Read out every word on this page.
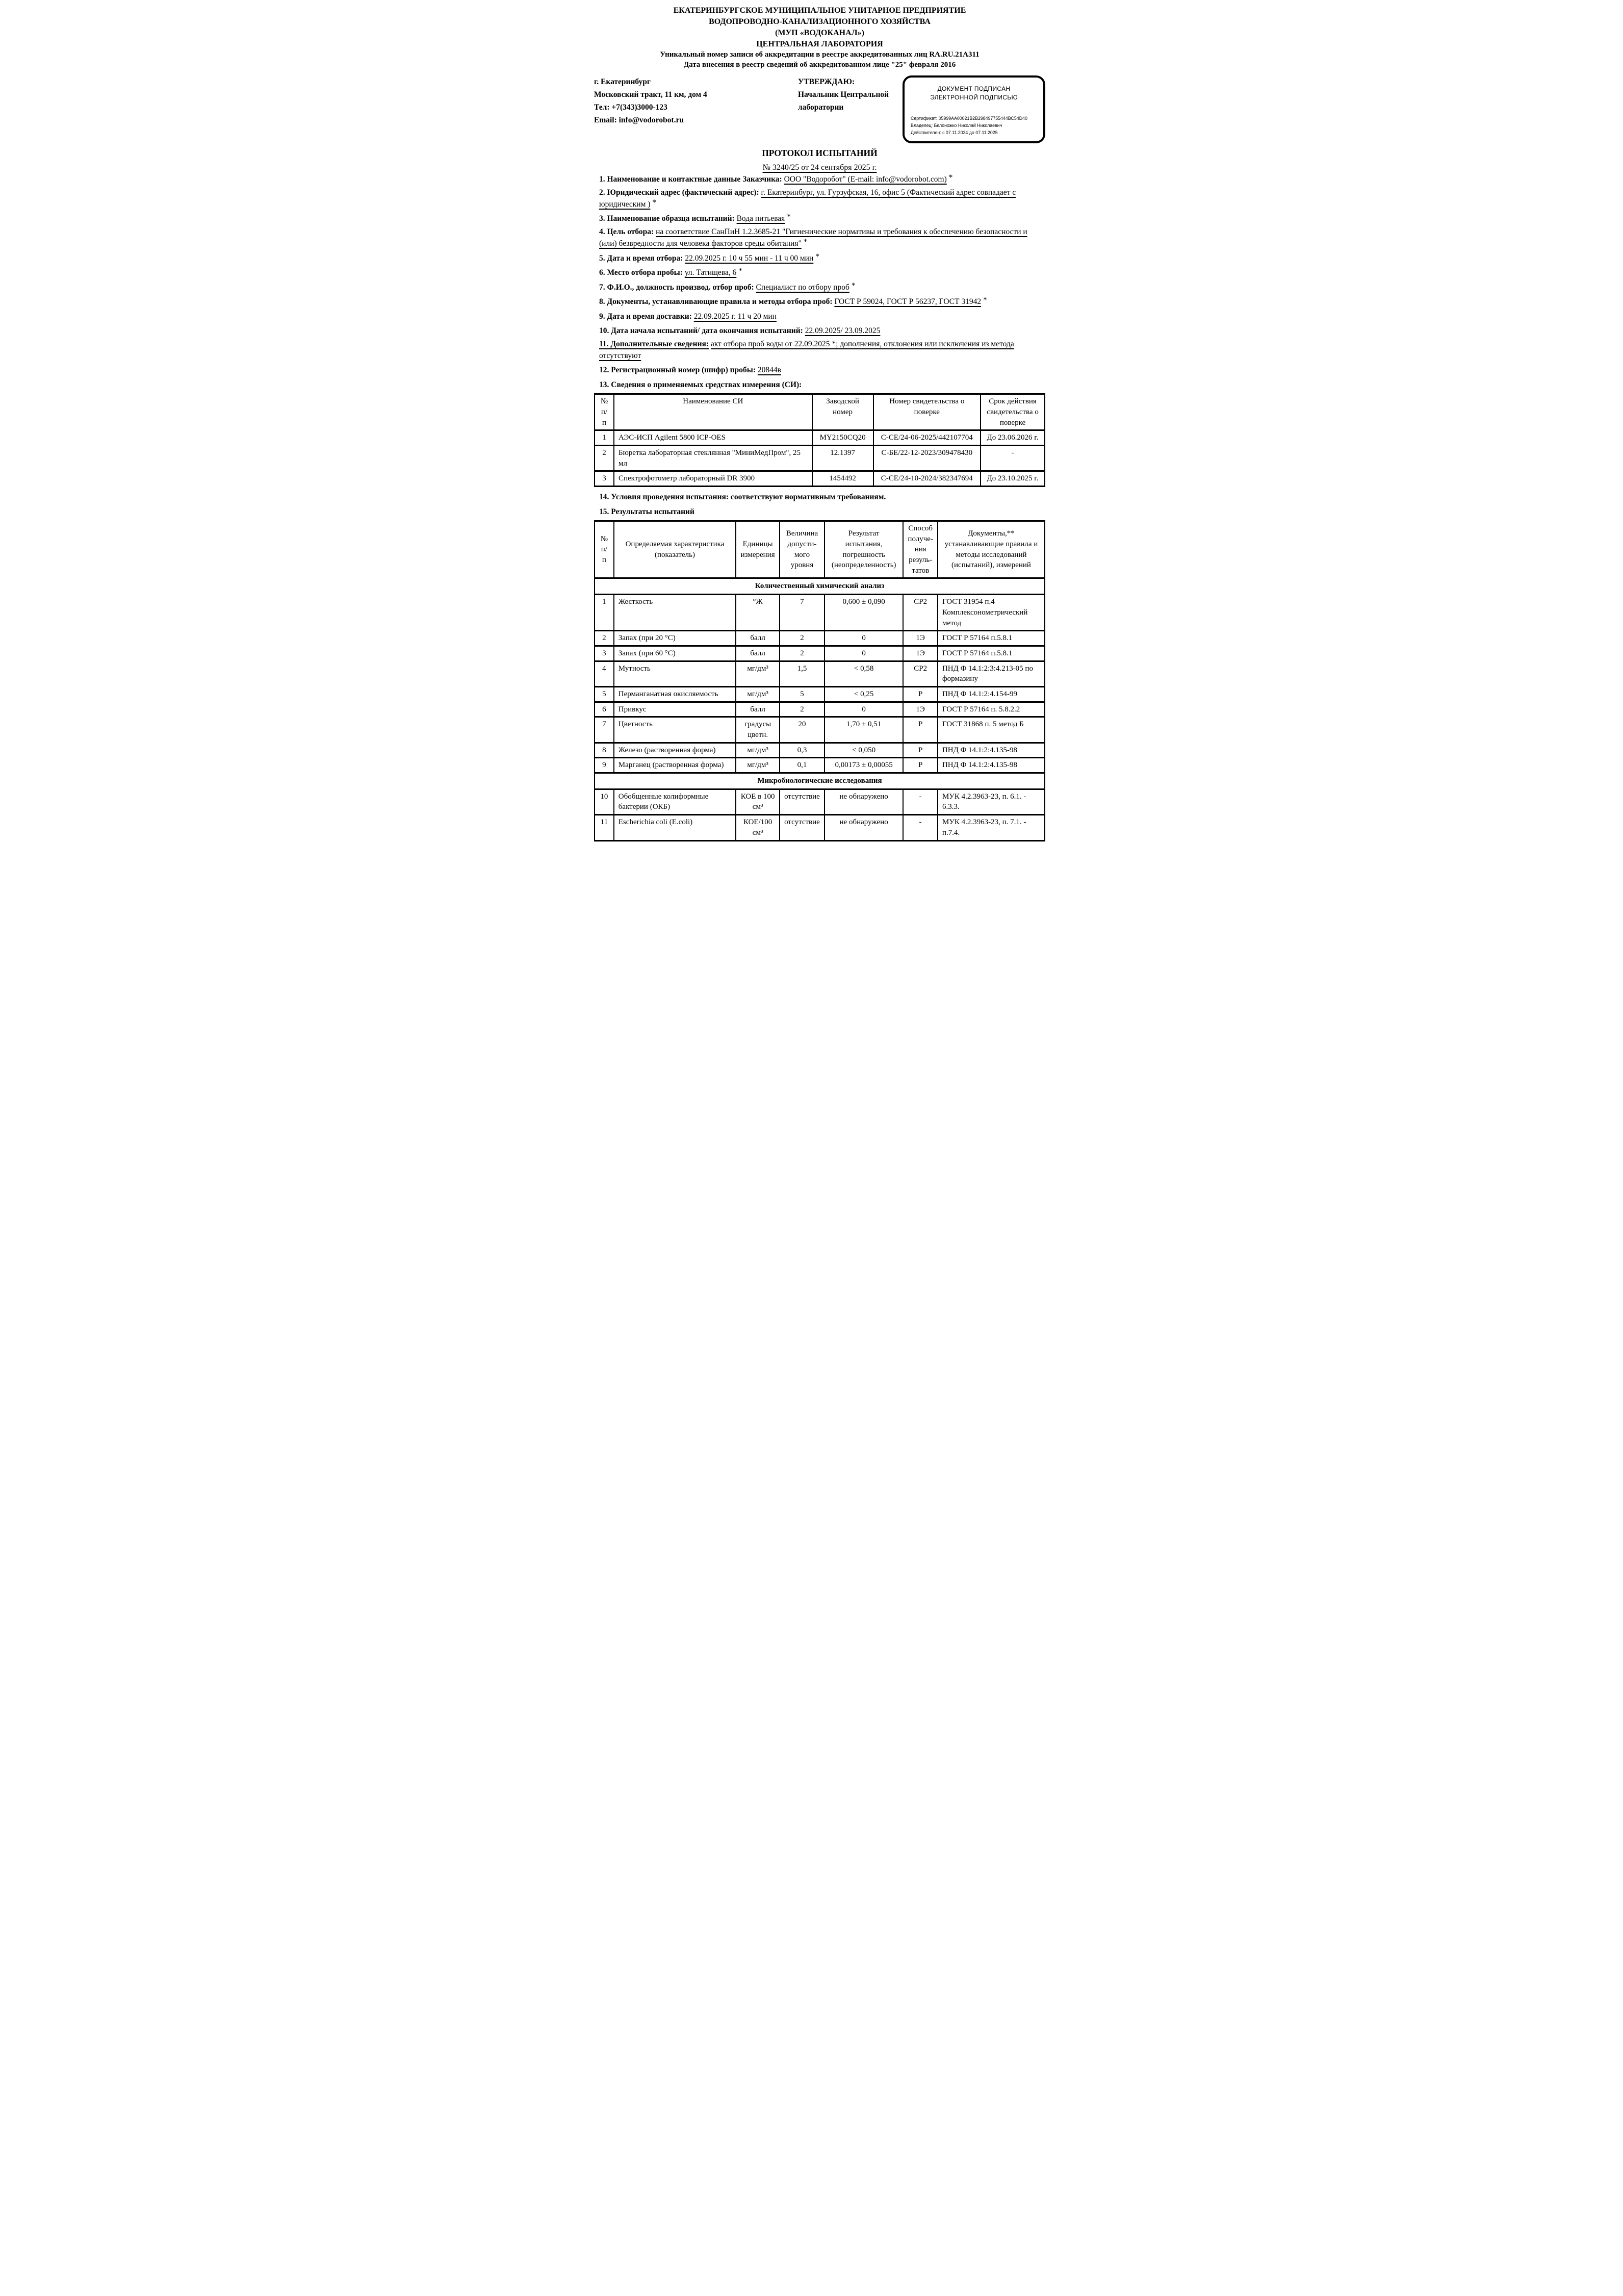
ЕКАТЕРИНБУРГСКОЕ МУНИЦИПАЛЬНОЕ УНИТАРНОЕ ПРЕДПРИЯТИЕ
ВОДОПРОВОДНО-КАНАЛИЗАЦИОННОГО ХОЗЯЙСТВА
(МУП «ВОДОКАНАЛ»)
ЦЕНТРАЛЬНАЯ ЛАБОРАТОРИЯ
Уникальный номер записи об аккредитации в реестре аккредитованных лиц RA.RU.21А311
Дата внесения в реестр сведений об аккредитованном лице "25" февраля 2016
г. Екатеринбург
Московский тракт, 11 км, дом 4
Тел: +7(343)3000-123
Email: info@vodorobot.ru
УТВЕРЖДАЮ:
Начальник Центральной лаборатории
ДОКУМЕНТ ПОДПИСАН
ЭЛЕКТРОННОЙ ПОДПИСЬЮ
Сертификат: 05999AA00021B2B298497755444BC54D40
Владелец: Белоножко Николай Николаевич
Действителен: с 07.11.2024 до 07.11.2025
ПРОТОКОЛ ИСПЫТАНИЙ
№ 3240/25 от 24 сентября 2025 г.

1. Наименование и контактные данные Заказчика: ООО "Водоробот" (E-mail: info@vodorobot.com) *

2. Юридический адрес (фактический адрес): г. Екатеринбург, ул. Гурзуфская, 16, офис 5 (Фактический адрес совпадает с юридическим ) *

3. Наименование образца испытаний: Вода питьевая *

4. Цель отбора: на соответствие СанПиН 1.2.3685-21 "Гигиенические нормативы и требования к обеспечению безопасности и (или) безвредности для человека факторов среды обитания" *

5. Дата и время отбора: 22.09.2025 г. 10 ч 55 мин - 11 ч 00 мин *

6. Место отбора пробы: ул. Татищева, 6 *

7. Ф.И.О., должность производ. отбор проб: Специалист по отбору проб *

8. Документы, устанавливающие правила и методы отбора проб: ГОСТ Р 59024, ГОСТ Р 56237, ГОСТ 31942 *

9. Дата и время доставки: 22.09.2025 г. 11 ч 20 мин

10. Дата начала испытаний/ дата окончания испытаний: 22.09.2025/ 23.09.2025

11. Дополнительные сведения: акт отбора проб воды от 22.09.2025 *; дополнения, отклонения или исключения из метода отсутствуют

12. Регистрационный номер (шифр) пробы: 20844в

13. Сведения о применяемых средствах измерения (СИ):

№ п/п	Наименование СИ	Заводской номер	Номер свидетельства о поверке	Срок действия свидетельства о поверке
1	АЭС-ИСП Agilent 5800 ICP-OES	MY2150CQ20	С-СЕ/24-06-2025/442107704	До 23.06.2026 г.
2	Бюретка лабораторная стеклянная "МиниМедПром", 25 мл	12.1397	С-БЕ/22-12-2023/309478430	-
3	Спектрофотометр лабораторный DR 3900	1454492	С-СЕ/24-10-2024/382347694	До 23.10.2025 г.

14. Условия проведения испытания: соответствуют нормативным требованиям.

15. Результаты испытаний

№ п/п	Определяемая характеристика (показатель)	Единицы измерения	Величина допусти- мого уровня	Результат испытания, погрешность (неопределенность)	Способ получе- ния резуль- татов	Документы,** устанавливающие правила и методы исследований (испытаний), измерений
Количественный химический анализ						
1	Жесткость	°Ж	7	0,600 ± 0,090	СР2	ГОСТ 31954 п.4 Комплексонометрический метод
2	Запах (при 20 °С)	балл	2	0	1Э	ГОСТ Р 57164 п.5.8.1
3	Запах (при 60 °С)	балл	2	0	1Э	ГОСТ Р 57164 п.5.8.1
4	Мутность	мг/дм³	1,5	< 0,58	СР2	ПНД Ф 14.1:2:3:4.213-05 по формазину
5	Перманганатная окисляемость	мг/дм³	5	< 0,25	Р	ПНД Ф 14.1:2:4.154-99
6	Привкус	балл	2	0	1Э	ГОСТ Р 57164 п. 5.8.2.2
7	Цветность	градусы цветн.	20	1,70 ± 0,51	Р	ГОСТ 31868 п. 5 метод Б
8	Железо (растворенная форма)	мг/дм³	0,3	< 0,050	Р	ПНД Ф 14.1:2:4.135-98
9	Марганец (растворенная форма)	мг/дм³	0,1	0,00173 ± 0,00055	Р	ПНД Ф 14.1:2:4.135-98
Микробиологические исследования						
10	Обобщенные колиформные бактерии (ОКБ)	КОЕ в 100 см³	отсутствие	не обнаружено	-	МУК 4.2.3963-23, п. 6.1. - 6.3.3.
11	Escherichia coli (E.coli)	КОЕ/100 см³	отсутствие	не обнаружено	-	МУК 4.2.3963-23, п. 7.1. - п.7.4.
